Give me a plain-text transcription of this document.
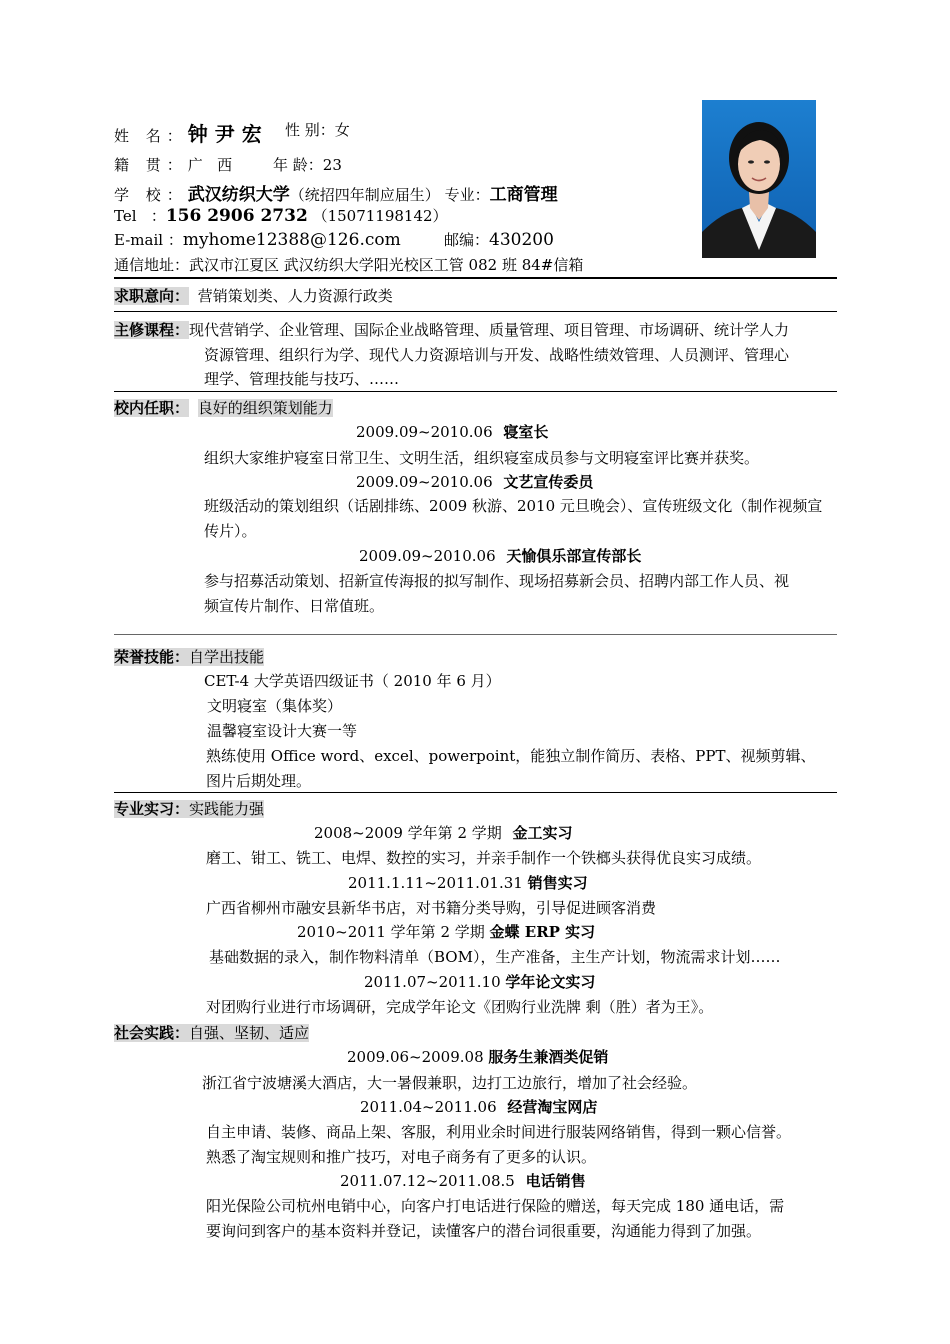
姓 名：钟 尹 宏 性 别：女
籍 贯：广   西	年 龄：23
学 校：武汉纺织大学（统招四年制应届生） 专业：工商管理
Tel   ：156 2906 2732 （15071198142）
E-mail ：myhome12388@126.com	邮编：430200
通信地址：武汉市江夏区 武汉纺织大学阳光校区工管 082 班 84#信箱
求职意向： 营销策划类、人力资源行政类
主修课程：现代营销学、企业管理、国际企业战略管理、质量管理、项目管理、市场调研、统计学人力
资源管理、组织行为学、现代人力资源培训与开发、战略性绩效管理、人员测评、管理心
理学、管理技能与技巧、……
校内任职： 良好的组织策划能力
2009.09~2010.06 寝室长
组织大家维护寝室日常卫生、文明生活，组织寝室成员参与文明寝室评比赛并获奖。
2009.09~2010.06 文艺宣传委员
班级活动的策划组织（话剧排练、2009 秋游、2010 元旦晚会）、宣传班级文化（制作视频宣
传片）。
2009.09~2010.06 天愉俱乐部宣传部长
参与招募活动策划、招新宣传海报的拟写制作、现场招募新会员、招聘内部工作人员、视
频宣传片制作、日常值班。
荣誉技能：自学出技能
CET-4 大学英语四级证书（ 2010 年 6 月）
文明寝室（集体奖）
温馨寝室设计大赛一等
熟练使用 Office word、excel、powerpoint，能独立制作简历、表格、PPT、视频剪辑、
图片后期处理。
专业实习：实践能力强
2008~2009 学年第 2 学期 金工实习
磨工、钳工、铣工、电焊、数控的实习，并亲手制作一个铁榔头获得优良实习成绩。
2011.1.11~2011.01.31 销售实习
广西省柳州市融安县新华书店，对书籍分类导购，引导促进顾客消费
2010~2011 学年第 2 学期 金蝶 ERP 实习
基础数据的录入，制作物料清单（BOM），生产准备，主生产计划，物流需求计划……
2011.07~2011.10 学年论文实习
对团购行业进行市场调研，完成学年论文《团购行业洗牌 剩（胜）者为王》。
社会实践：自强、坚韧、适应
2009.06~2009.08 服务生兼酒类促销
浙江省宁波塘溪大酒店，大一暑假兼职，边打工边旅行，增加了社会经验。
2011.04~2011.06 经营淘宝网店
自主申请、装修、商品上架、客服，利用业余时间进行服装网络销售，得到一颗心信誉。
熟悉了淘宝规则和推广技巧，对电子商务有了更多的认识。
2011.07.12~2011.08.5 电话销售
阳光保险公司杭州电销中心，向客户打电话进行保险的赠送，每天完成 180 通电话，需
要询问到客户的基本资料并登记，读懂客户的潜台词很重要，沟通能力得到了加强。
